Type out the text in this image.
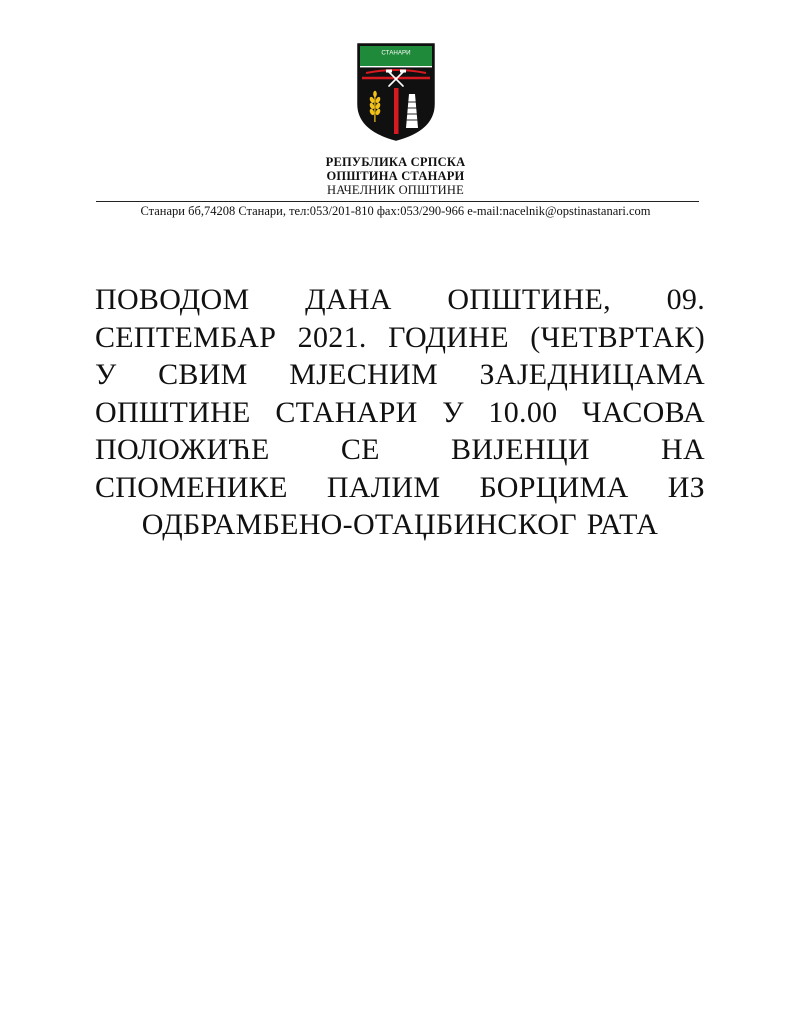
СТАНАРИ
РЕПУБЛИКА СРПСКА
ОПШТИНА СТАНАРИ
НАЧЕЛНИК ОПШТИНЕ
Станари бб,74208 Станари, тел:053/201-810 фах:053/290-966 e-mail:nacelnik@opstinastanari.com
ПОВОДОМ ДАНА ОПШТИНЕ, 09.
СЕПТЕМБАР 2021. ГОДИНЕ (ЧЕТВРТАК)
У СВИМ МЈЕСНИМ ЗАЈЕДНИЦАМА
ОПШТИНЕ СТАНАРИ У 10.00 ЧАСОВА
ПОЛОЖИЋЕ СЕ ВИЈЕНЦИ НА
СПОМЕНИКЕ ПАЛИМ БОРЦИМА ИЗ
ОДБРАМБЕНО-ОТАЏБИНСКОГ РАТА
